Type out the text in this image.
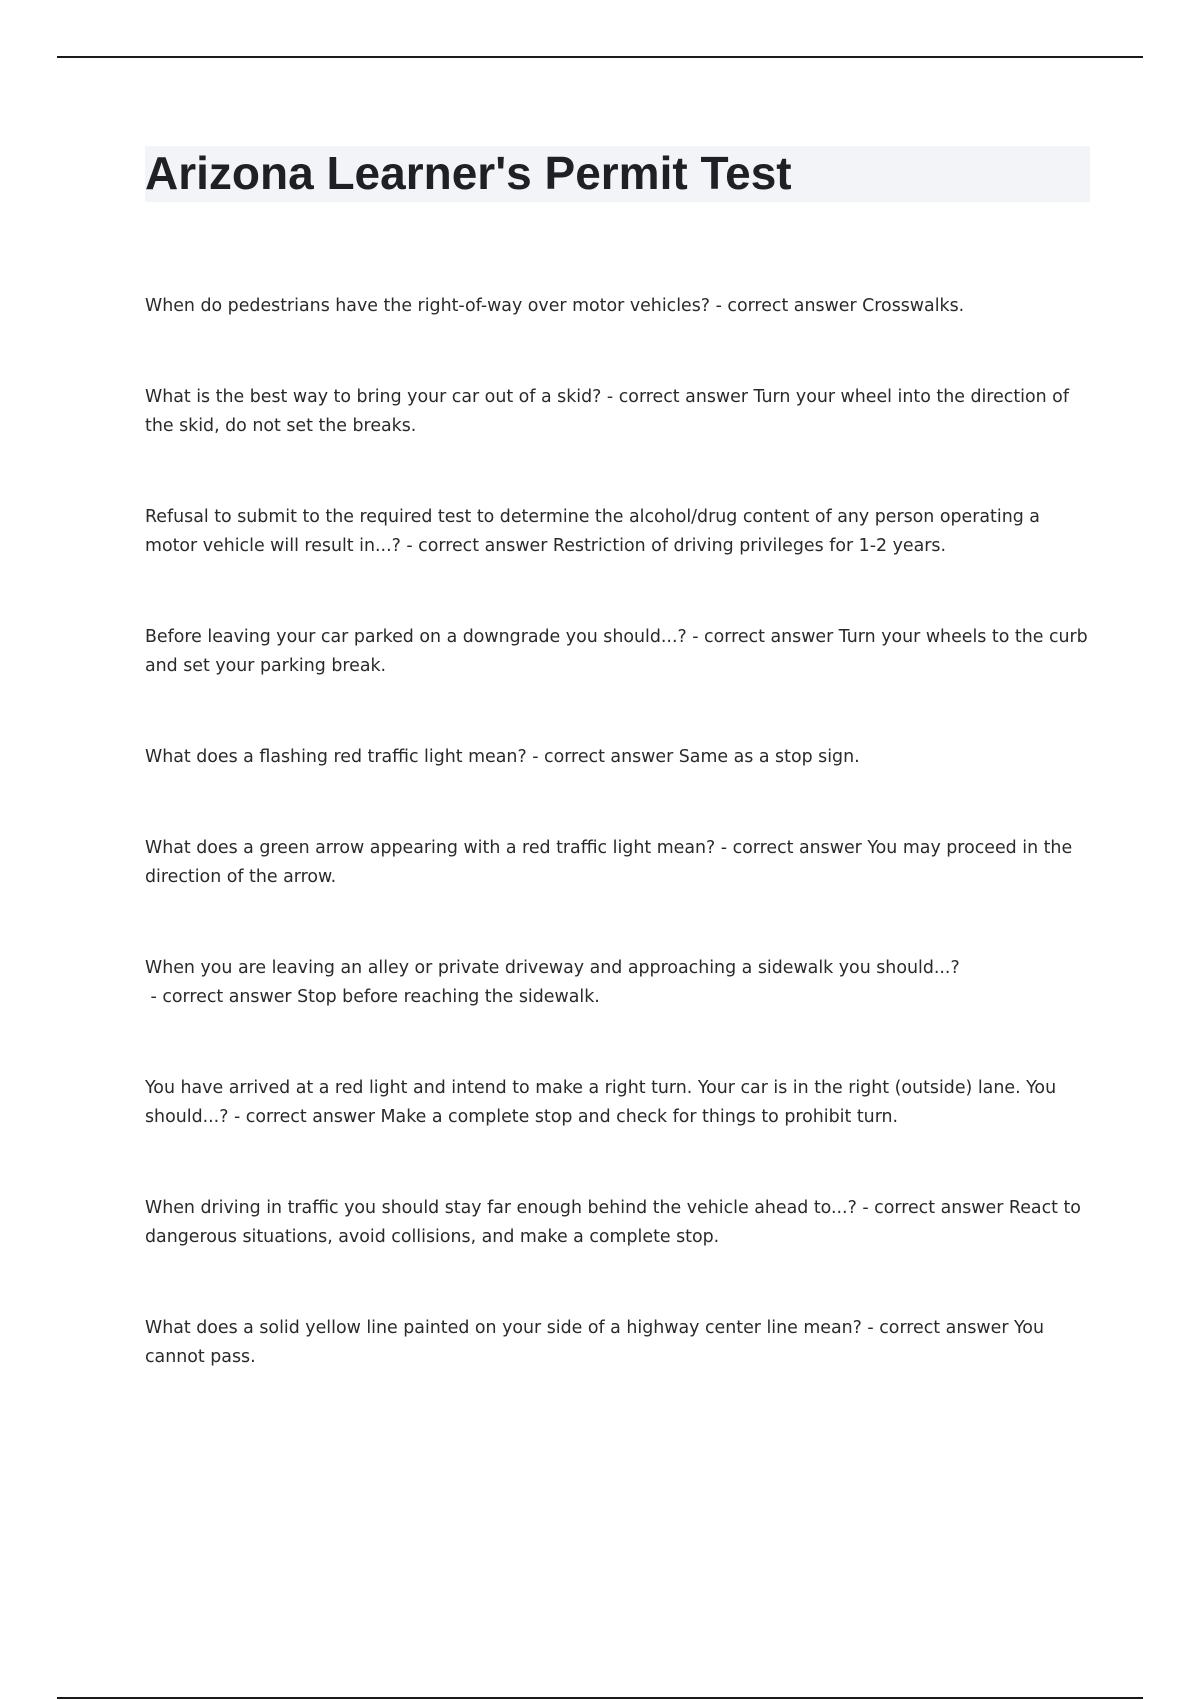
Arizona Learner's Permit Test
When do pedestrians have the right-of-way over motor vehicles? - correct answer Crosswalks.
What is the best way to bring your car out of a skid? - correct answer Turn your wheel into the direction of the skid, do not set the breaks.
Refusal to submit to the required test to determine the alcohol/drug content of any person operating a motor vehicle will result in...? - correct answer Restriction of driving privileges for 1-2 years.
Before leaving your car parked on a downgrade you should...? - correct answer Turn your wheels to the curb and set your parking break.
What does a flashing red traffic light mean? - correct answer Same as a stop sign.
What does a green arrow appearing with a red traffic light mean? - correct answer You may proceed in the direction of the arrow.
When you are leaving an alley or private driveway and approaching a sidewalk you should...? - correct answer Stop before reaching the sidewalk.
You have arrived at a red light and intend to make a right turn. Your car is in the right (outside) lane. You should...? - correct answer Make a complete stop and check for things to prohibit turn.
When driving in traffic you should stay far enough behind the vehicle ahead to...? - correct answer React to dangerous situations, avoid collisions, and make a complete stop.
What does a solid yellow line painted on your side of a highway center line mean? - correct answer You cannot pass.
